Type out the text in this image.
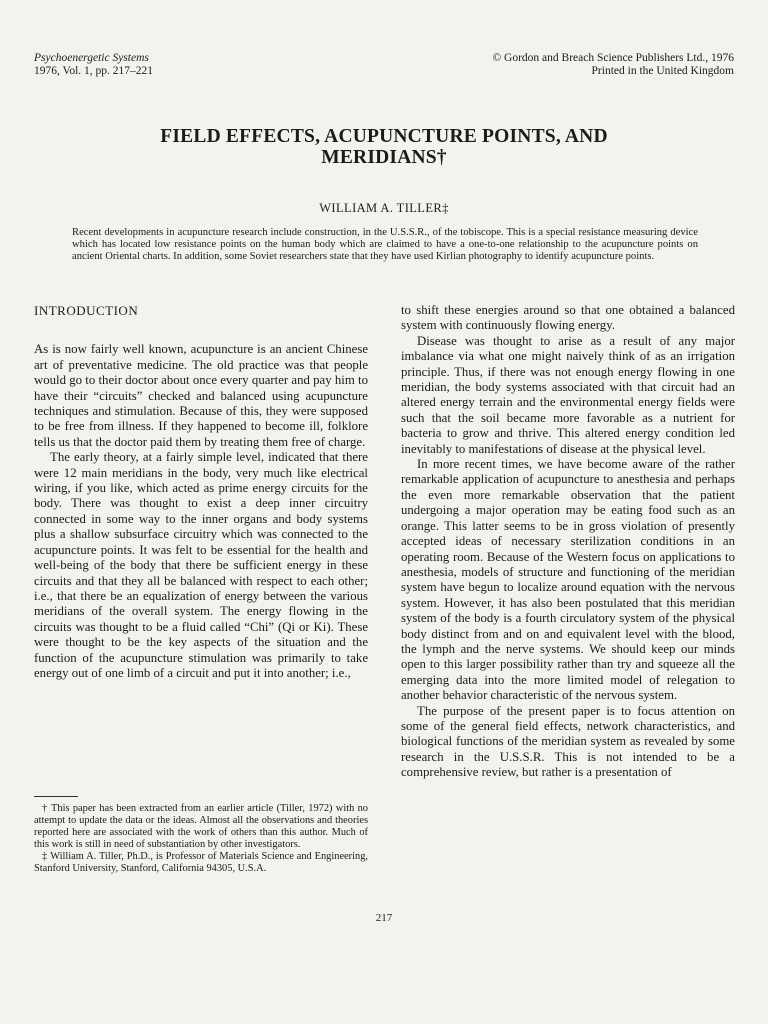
Psychoenergetic Systems
1976, Vol. 1, pp. 217–221
© Gordon and Breach Science Publishers Ltd., 1976
Printed in the United Kingdom
FIELD EFFECTS, ACUPUNCTURE POINTS, AND
MERIDIANS†
WILLIAM A. TILLER‡

Recent developments in acupuncture research include construction, in the U.S.S.R., of the tobiscope. This is a special resistance measuring device which has located low resistance points on the human body which are claimed to have a one-to-one relationship to the acupuncture points on ancient Oriental charts. In addition, some Soviet researchers state that they have used Kirlian photography to identify acupuncture points.

INTRODUCTION

As is now fairly well known, acupuncture is an ancient Chinese art of preventative medicine. The old practice was that people would go to their doctor about once every quarter and pay him to have their “circuits” checked and balanced using acupuncture techniques and stimulation. Because of this, they were supposed to be free from illness. If they happened to become ill, folklore tells us that the doctor paid them by treating them free of charge.

The early theory, at a fairly simple level, indicated that there were 12 main meridians in the body, very much like electrical wiring, if you like, which acted as prime energy circuits for the body. There was thought to exist a deep inner circuitry connected in some way to the inner organs and body systems plus a shallow subsurface circuitry which was connected to the acupuncture points. It was felt to be essential for the health and well-being of the body that there be sufficient energy in these circuits and that they all be balanced with respect to each other; i.e., that there be an equalization of energy between the various meridians of the overall system. The energy flowing in the circuits was thought to be a fluid called “Chi” (Qi or Ki). These were thought to be the key aspects of the situation and the function of the acupuncture stimulation was primarily to take energy out of one limb of a circuit and put it into another; i.e.,

to shift these energies around so that one obtained a balanced system with continuously flowing energy.

Disease was thought to arise as a result of any major imbalance via what one might naively think of as an irrigation principle. Thus, if there was not enough energy flowing in one meridian, the body systems associated with that circuit had an altered energy terrain and the environmental energy fields were such that the soil became more favorable as a nutrient for bacteria to grow and thrive. This altered energy condition led inevitably to manifestations of disease at the physical level.

In more recent times, we have become aware of the rather remarkable application of acupuncture to anesthesia and perhaps the even more remarkable observation that the patient undergoing a major operation may be eating food such as an orange. This latter seems to be in gross violation of presently accepted ideas of necessary sterilization conditions in an operating room. Because of the Western focus on applications to anesthesia, models of structure and functioning of the meridian system have begun to localize around equation with the nervous system. However, it has also been postulated that this meridian system of the body is a fourth circulatory system of the physical body distinct from and on and equivalent level with the blood, the lymph and the nerve systems. We should keep our minds open to this larger possibility rather than try and squeeze all the emerging data into the more limited model of relegation to another behavior characteristic of the nervous system.

The purpose of the present paper is to focus attention on some of the general field effects, network characteristics, and biological functions of the meridian system as revealed by some research in the U.S.S.R. This is not intended to be a comprehensive review, but rather is a presentation of

† This paper has been extracted from an earlier article (Tiller, 1972) with no attempt to update the data or the ideas. Almost all the observations and theories reported here are associated with the work of others than this author. Much of this work is still in need of substantiation by other investigators.

‡ William A. Tiller, Ph.D., is Professor of Materials Science and Engineering, Stanford University, Stanford, California 94305, U.S.A.

217
